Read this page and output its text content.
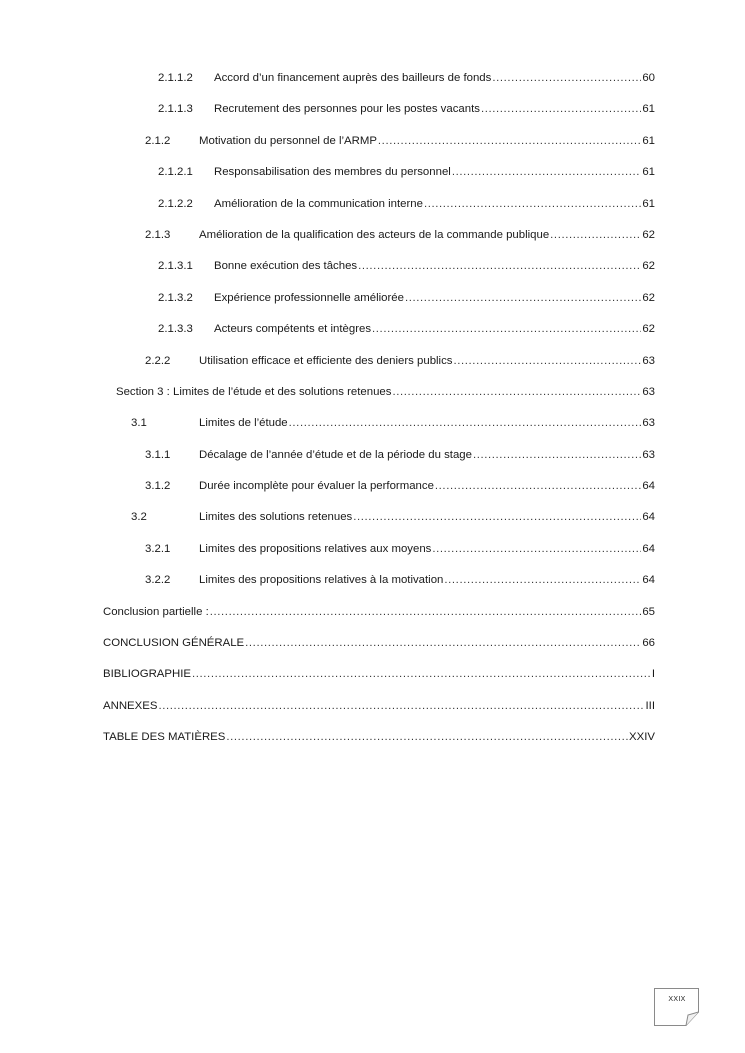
2.1.1.2	Accord d’un financement auprès des bailleurs de fonds .....	60
2.1.1.3	Recrutement des personnes pour les postes vacants .....	61
2.1.2	Motivation du personnel de l’ARMP .....	61
2.1.2.1	Responsabilisation des membres du personnel .....	61
2.1.2.2	Amélioration de la communication interne .....	61
2.1.3	Amélioration de la qualification des acteurs de la commande publique .....	62
2.1.3.1	Bonne exécution des tâches .....	62
2.1.3.2	Expérience professionnelle améliorée .....	62
2.1.3.3	Acteurs compétents et intègres .....	62
2.2.2	Utilisation efficace et efficiente des deniers publics .....	63
Section 3 : Limites de l’étude et des solutions retenues .....	63
3.1	Limites de l’étude .....	63
3.1.1	Décalage de l’année d’étude et de la période du stage .....	63
3.1.2	Durée incomplète pour évaluer la performance .....	64
3.2	Limites des solutions retenues .....	64
3.2.1	Limites des propositions relatives aux moyens .....	64
3.2.2	Limites des propositions relatives à la motivation .....	64
Conclusion partielle : .....	65
CONCLUSION GÉNÉRALE .....	66
BIBLIOGRAPHIE .....	I
ANNEXES .....	III
TABLE DES MATIÈRES .....	XXIV
XXIX
